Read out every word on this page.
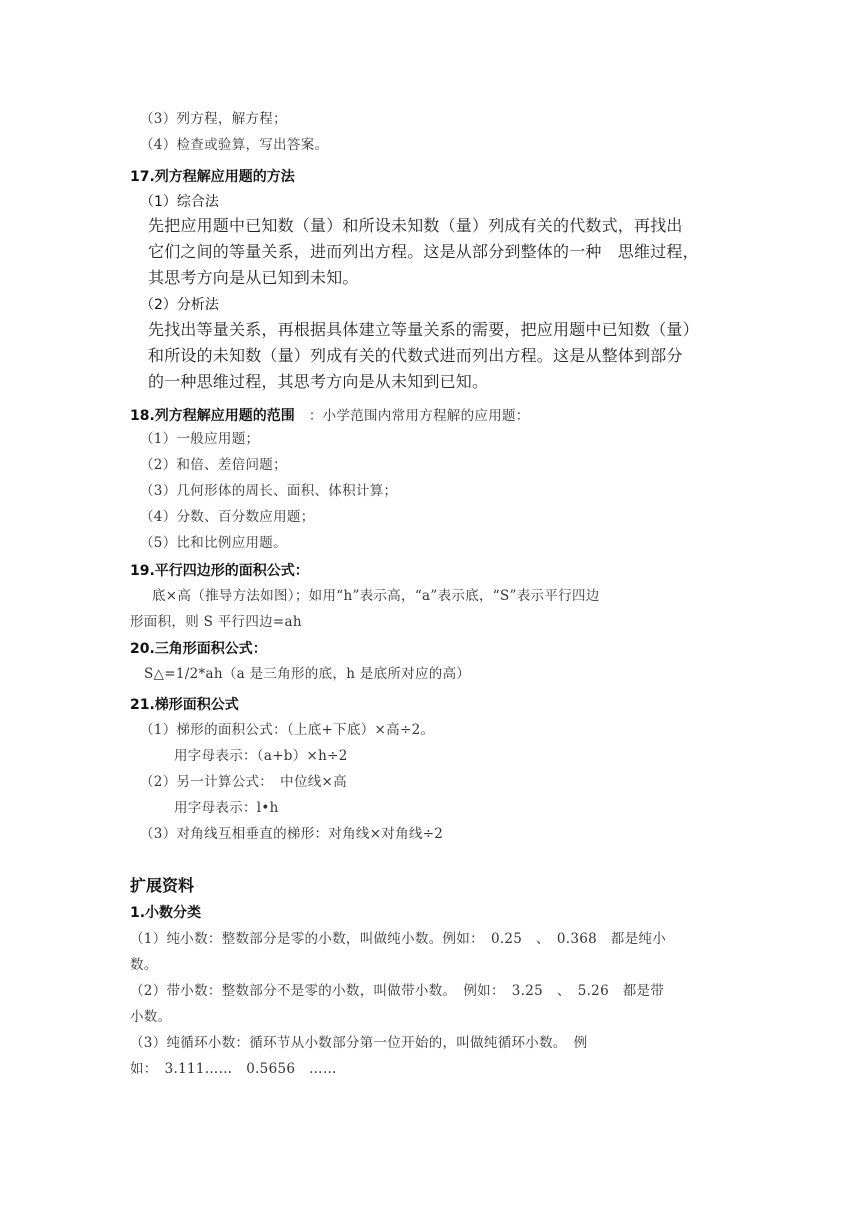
（3）列方程，解方程；
（4）检查或验算，写出答案。
17.列方程解应用题的方法
（1）综合法
先把应用题中已知数（量）和所设未知数（量）列成有关的代数式，再找出
它们之间的等量关系，进而列出方程。这是从部分到整体的一种　思维过程，
其思考方向是从已知到未知。
（2）分析法
先找出等量关系，再根据具体建立等量关系的需要，把应用题中已知数（量）
和所设的未知数（量）列成有关的代数式进而列出方程。这是从整体到部分
的一种思维过程，其思考方向是从未知到已知。
18.列方程解应用题的范围 ：小学范围内常用方程解的应用题：
（1）一般应用题；
（2）和倍、差倍问题；
（3）几何形体的周长、面积、体积计算；
（4）分数、百分数应用题；
（5）比和比例应用题。
19.平行四边形的面积公式：
底×高（推导方法如图）；如用“h”表示高，“a”表示底，“S”表示平行四边
形面积，则 S 平行四边=ah
20.三角形面积公式：
S△=1/2*ah（a 是三角形的底，h 是底所对应的高）
21.梯形面积公式
（1）梯形的面积公式：（上底+下底）×高÷2。
用字母表示：（a+b）×h÷2
（2）另一计算公式：　中位线×高
用字母表示：l•h
（3）对角线互相垂直的梯形：对角线×对角线÷2
扩展资料
1.小数分类
（1）纯小数：整数部分是零的小数，叫做纯小数。例如：　0.25　、　0.368　都是纯小
数。
（2）带小数：整数部分不是零的小数，叫做带小数。　例如：　3.25　、　5.26　都是带
小数。
（3）纯循环小数：循环节从小数部分第一位开始的，叫做纯循环小数。　例
如：　3.111……　0.5656　……
